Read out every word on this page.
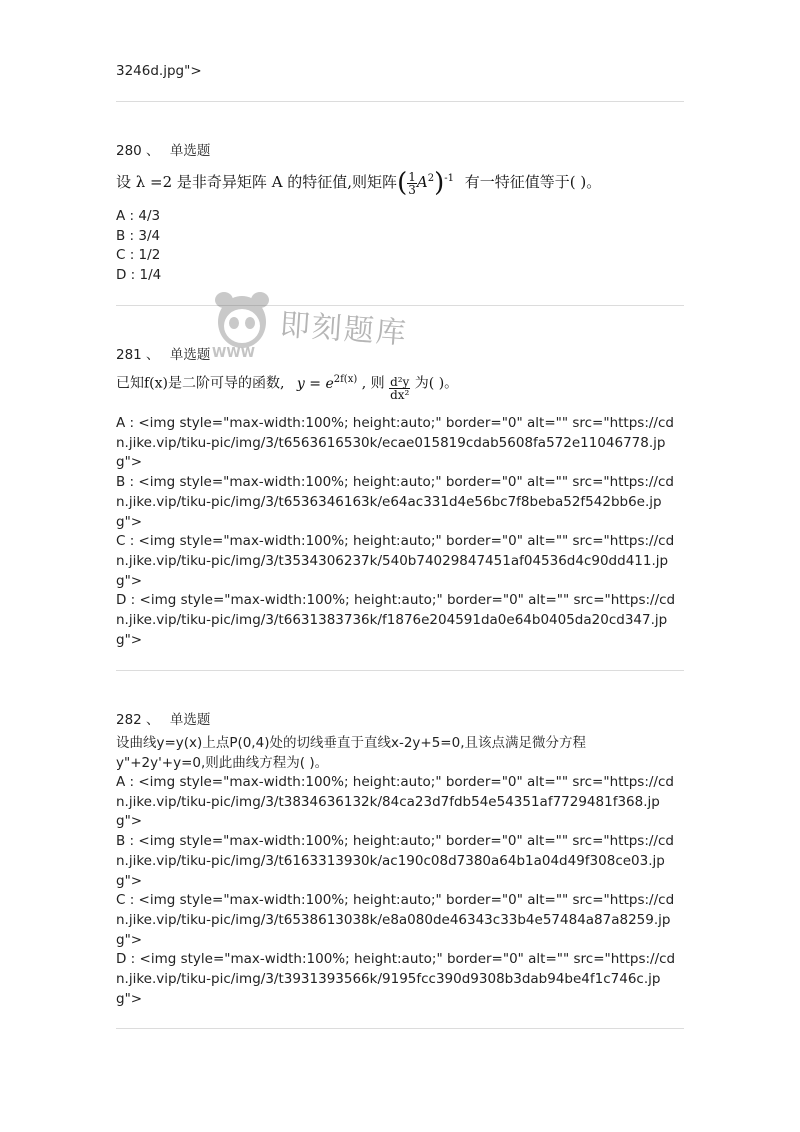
3246d.jpg">
280 、 单选题
设 λ =2 是非奇异矩阵 A 的特征值,则矩阵( $\frac{1}{3} A^2)^{-1}$ 有一特征值等于( )。
A : 4/3
B : 3/4
C : 1/2
D : 1/4
即刻题库
WWW
281 、 单选题
已知f(x)是二阶可导的函数, $y = e^{2f(x)}$ , 则 $\frac{\text{d²y}}{\text{dx²}}$ 为( )。
A : <img style="max-width:100%; height:auto;" border="0" alt="" src="https://cdn.jike.vip/tiku-pic/img/3/t6563616530k/ecae015819cdab5608fa572e11046778.jpg">
B : <img style="max-width:100%; height:auto;" border="0" alt="" src="https://cdn.jike.vip/tiku-pic/img/3/t6536346163k/e64ac331d4e56bc7f8beba52f542bb6e.jpg">
C : <img style="max-width:100%; height:auto;" border="0" alt="" src="https://cdn.jike.vip/tiku-pic/img/3/t3534306237k/540b74029847451af04536d4c90dd411.jpg">
D : <img style="max-width:100%; height:auto;" border="0" alt="" src="https://cdn.jike.vip/tiku-pic/img/3/t6631383736k/f1876e204591da0e64b0405da20cd347.jpg">
282 、 单选题
设曲线y=y(x)上点P(0,4)处的切线垂直于直线x-2y+5=0,且该点满足微分方程y"+2y'+y=0,则此曲线方程为( )。
A : <img style="max-width:100%; height:auto;" border="0" alt="" src="https://cdn.jike.vip/tiku-pic/img/3/t3834636132k/84ca23d7fdb54e54351af7729481f368.jpg">
B : <img style="max-width:100%; height:auto;" border="0" alt="" src="https://cdn.jike.vip/tiku-pic/img/3/t6163313930k/ac190c08d7380a64b1a04d49f308ce03.jpg">
C : <img style="max-width:100%; height:auto;" border="0" alt="" src="https://cdn.jike.vip/tiku-pic/img/3/t6538613038k/e8a080de46343c33b4e57484a87a8259.jpg">
D : <img style="max-width:100%; height:auto;" border="0" alt="" src="https://cdn.jike.vip/tiku-pic/img/3/t3931393566k/9195fcc390d9308b3dab94be4f1c746c.jpg">
